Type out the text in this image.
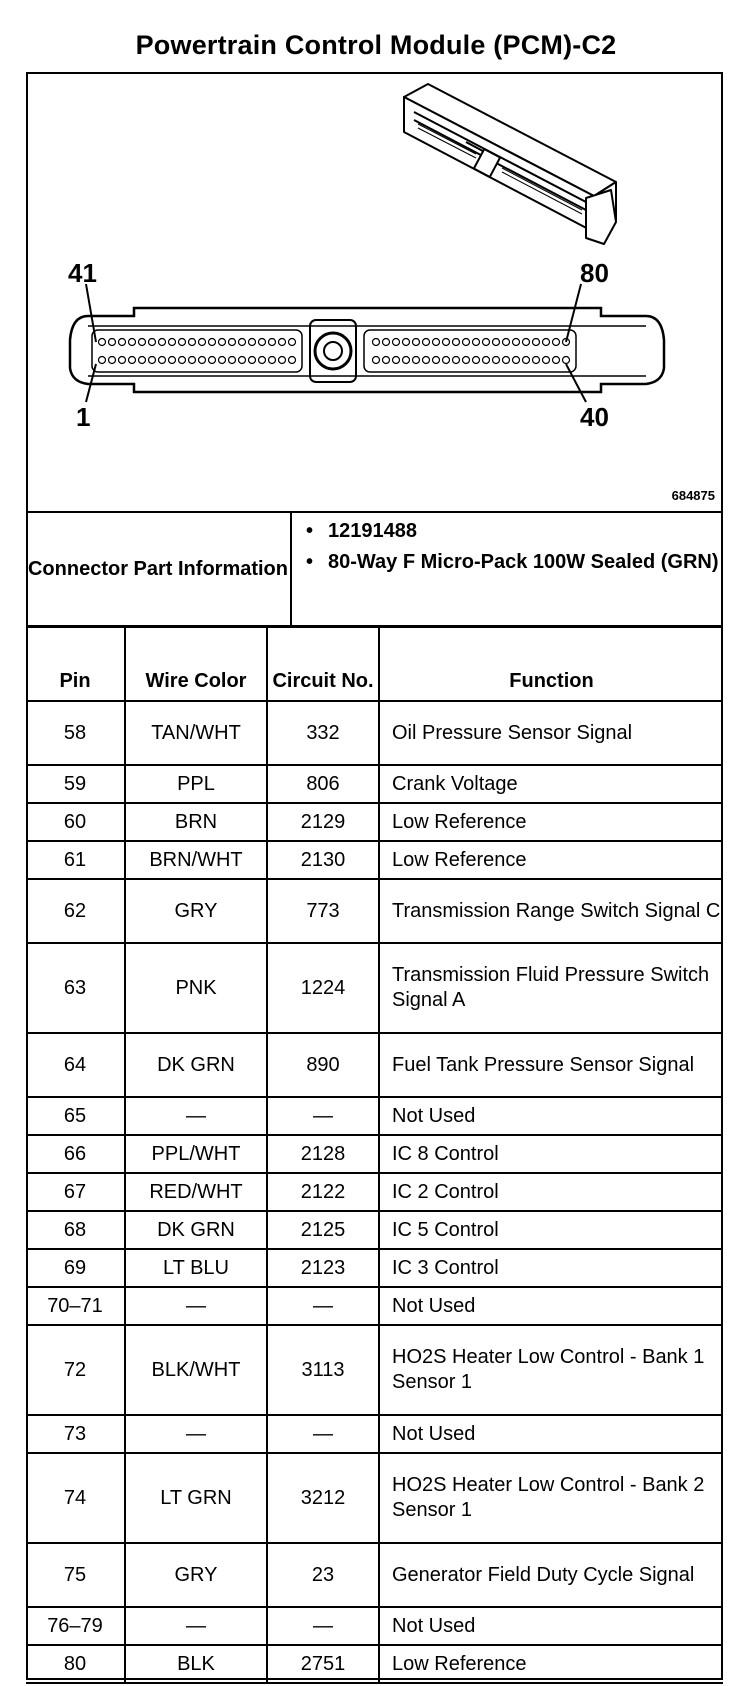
Powertrain Control Module (PCM)-C2
41	80
1	40
684875
Connector Part Information
• 12191488
• 80-Way F Micro-Pack 100W Sealed (GRN)
Pin	Wire Color	Circuit No.	Function
58	TAN/WHT	332	Oil Pressure Sensor Signal
59	PPL	806	Crank Voltage
60	BRN	2129	Low Reference
61	BRN/WHT	2130	Low Reference
62	GRY	773	Transmission Range Switch Signal C
63	PNK	1224	Transmission Fluid Pressure Switch Signal A
64	DK GRN	890	Fuel Tank Pressure Sensor Signal
65	—	—	Not Used
66	PPL/WHT	2128	IC 8 Control
67	RED/WHT	2122	IC 2 Control
68	DK GRN	2125	IC 5 Control
69	LT BLU	2123	IC 3 Control
70–71	—	—	Not Used
72	BLK/WHT	3113	HO2S Heater Low Control - Bank 1 Sensor 1
73	—	—	Not Used
74	LT GRN	3212	HO2S Heater Low Control - Bank 2 Sensor 1
75	GRY	23	Generator Field Duty Cycle Signal
76–79	—	—	Not Used
80	BLK	2751	Low Reference
